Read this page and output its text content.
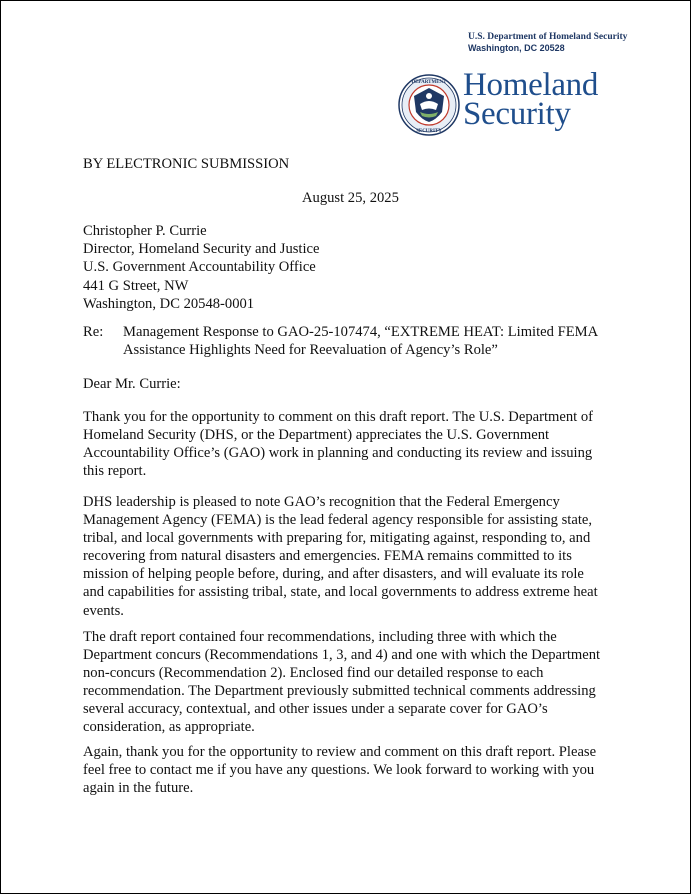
U.S. Department of Homeland Security
Washington, DC 20528
DEPARTMENT
SECURITY
Homeland
Security
BY ELECTRONIC SUBMISSION
August 25, 2025
Christopher P. Currie
Director, Homeland Security and Justice
U.S. Government Accountability Office
441 G Street, NW
Washington, DC 20548-0001
Re: Management Response to GAO-25-107474, “EXTREME HEAT: Limited FEMA
Assistance Highlights Need for Reevaluation of Agency’s Role”
Dear Mr. Currie:
Thank you for the opportunity to comment on this draft report. The U.S. Department of
Homeland Security (DHS, or the Department) appreciates the U.S. Government
Accountability Office’s (GAO) work in planning and conducting its review and issuing
this report.
DHS leadership is pleased to note GAO’s recognition that the Federal Emergency
Management Agency (FEMA) is the lead federal agency responsible for assisting state,
tribal, and local governments with preparing for, mitigating against, responding to, and
recovering from natural disasters and emergencies. FEMA remains committed to its
mission of helping people before, during, and after disasters, and will evaluate its role
and capabilities for assisting tribal, state, and local governments to address extreme heat
events.
The draft report contained four recommendations, including three with which the
Department concurs (Recommendations 1, 3, and 4) and one with which the Department
non-concurs (Recommendation 2). Enclosed find our detailed response to each
recommendation. The Department previously submitted technical comments addressing
several accuracy, contextual, and other issues under a separate cover for GAO’s
consideration, as appropriate.
Again, thank you for the opportunity to review and comment on this draft report. Please
feel free to contact me if you have any questions. We look forward to working with you
again in the future.
